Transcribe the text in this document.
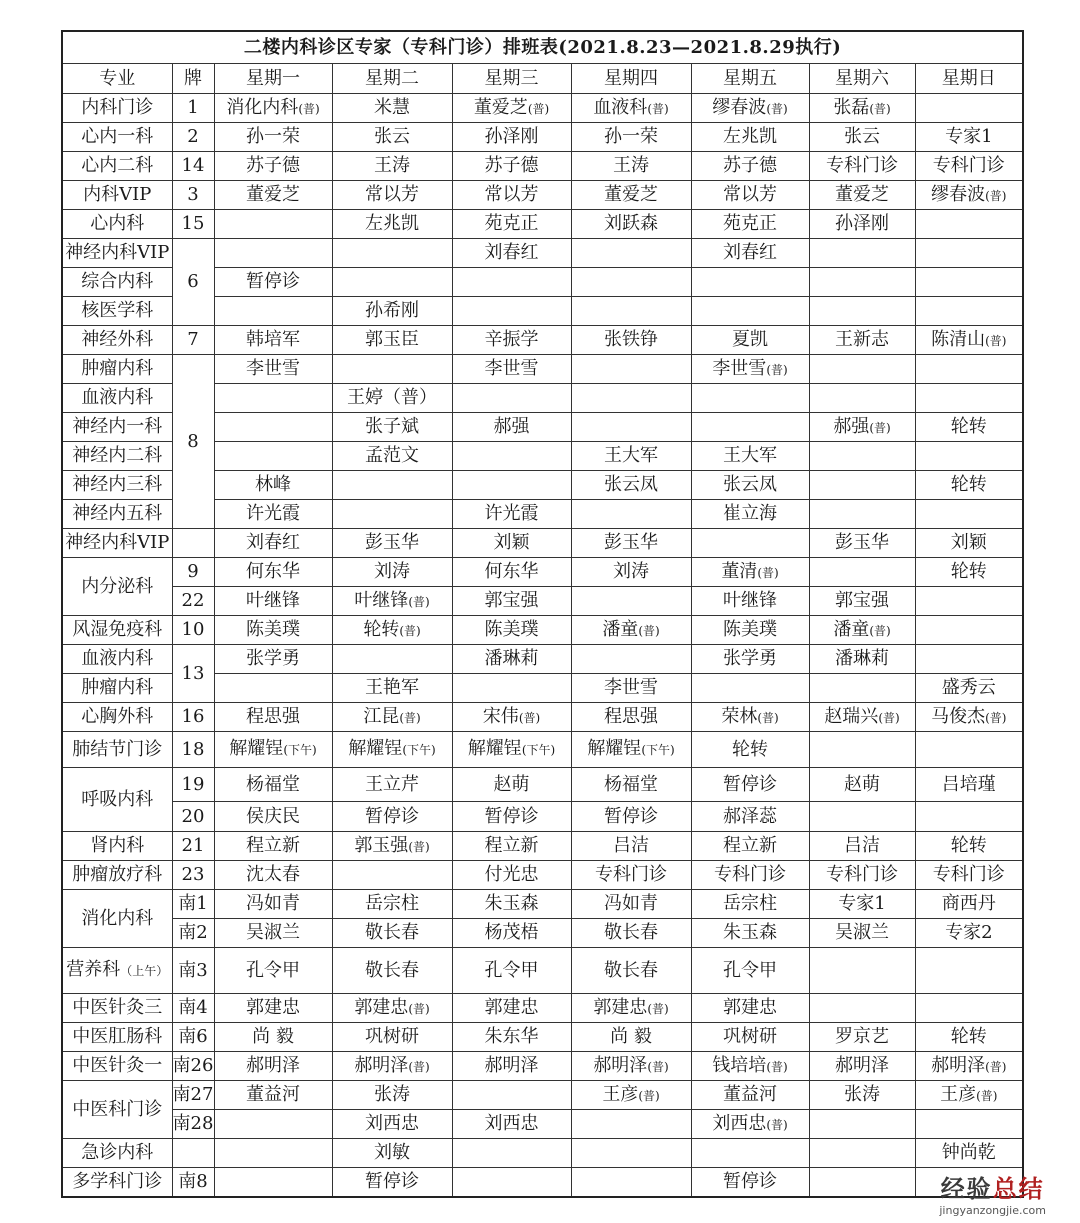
二楼内科诊区专家（专科门诊）排班表(2021.8.23—2021.8.29执行)								
专业	牌	星期一	星期二	星期三	星期四	星期五	星期六	星期日
内科门诊	1	消化内科(普)	米慧	董爱芝(普)	血液科(普)	缪春波(普)	张磊(普)	
心内一科	2	孙一荣	张云	孙泽刚	孙一荣	左兆凯	张云	专家1
心内二科	14	苏子德	王涛	苏子德	王涛	苏子德	专科门诊	专科门诊
内科VIP	3	董爱芝	常以芳	常以芳	董爱芝	常以芳	董爱芝	缪春波(普)
心内科	15		左兆凯	苑克正	刘跃森	苑克正	孙泽刚	
神经内科VIP	6			刘春红		刘春红		
综合内科		暂停诊						
核医学科			孙希刚					
神经外科	7	韩培军	郭玉臣	辛振学	张铁铮	夏凯	王新志	陈清山(普)
肿瘤内科	8	李世雪		李世雪		李世雪(普)		
血液内科			王婷（普）					
神经内一科			张子斌	郝强			郝强(普)	轮转
神经内二科			孟范文		王大军	王大军		
神经内三科		林峰			张云凤	张云凤		轮转
神经内五科		许光霞		许光霞		崔立海		
神经内科VIP		刘春红	彭玉华	刘颖	彭玉华		彭玉华	刘颖
内分泌科	9	何东华	刘涛	何东华	刘涛	董清(普)		轮转
	22	叶继锋	叶继锋(普)	郭宝强		叶继锋	郭宝强	
风湿免疫科	10	陈美璞	轮转(普)	陈美璞	潘童(普)	陈美璞	潘童(普)	
血液内科	13	张学勇		潘琳莉		张学勇	潘琳莉	
肿瘤内科			王艳军		李世雪			盛秀云
心胸外科	16	程思强	江昆(普)	宋伟(普)	程思强	荣林(普)	赵瑞兴(普)	马俊杰(普)
肺结节门诊	18	解耀锃(下午)	解耀锃(下午)	解耀锃(下午)	解耀锃(下午)	轮转		
呼吸内科	19	杨福堂	王立芹	赵萌	杨福堂	暂停诊	赵萌	吕培瑾
	20	侯庆民	暂停诊	暂停诊	暂停诊	郝泽蕊		
肾内科	21	程立新	郭玉强(普)	程立新	吕洁	程立新	吕洁	轮转
肿瘤放疗科	23	沈太春		付光忠	专科门诊	专科门诊	专科门诊	专科门诊
消化内科	南1	冯如青	岳宗柱	朱玉森	冯如青	岳宗柱	专家1	商西丹
	南2	吴淑兰	敬长春	杨茂梧	敬长春	朱玉森	吴淑兰	专家2
营养科（上午）	南3	孔令甲	敬长春	孔令甲	敬长春	孔令甲		
中医针灸三	南4	郭建忠	郭建忠(普)	郭建忠	郭建忠(普)	郭建忠		
中医肛肠科	南6	尚 毅	巩树研	朱东华	尚 毅	巩树研	罗京艺	轮转
中医针灸一	南26	郝明泽	郝明泽(普)	郝明泽	郝明泽(普)	钱培培(普)	郝明泽	郝明泽(普)
中医科门诊	南27	董益河	张涛		王彦(普)	董益河	张涛	王彦(普)
	南28		刘西忠	刘西忠		刘西忠(普)		
急诊内科			刘敏					钟尚乾
多学科门诊	南8		暂停诊			暂停诊			经验总结
jingyanzongjie.com
